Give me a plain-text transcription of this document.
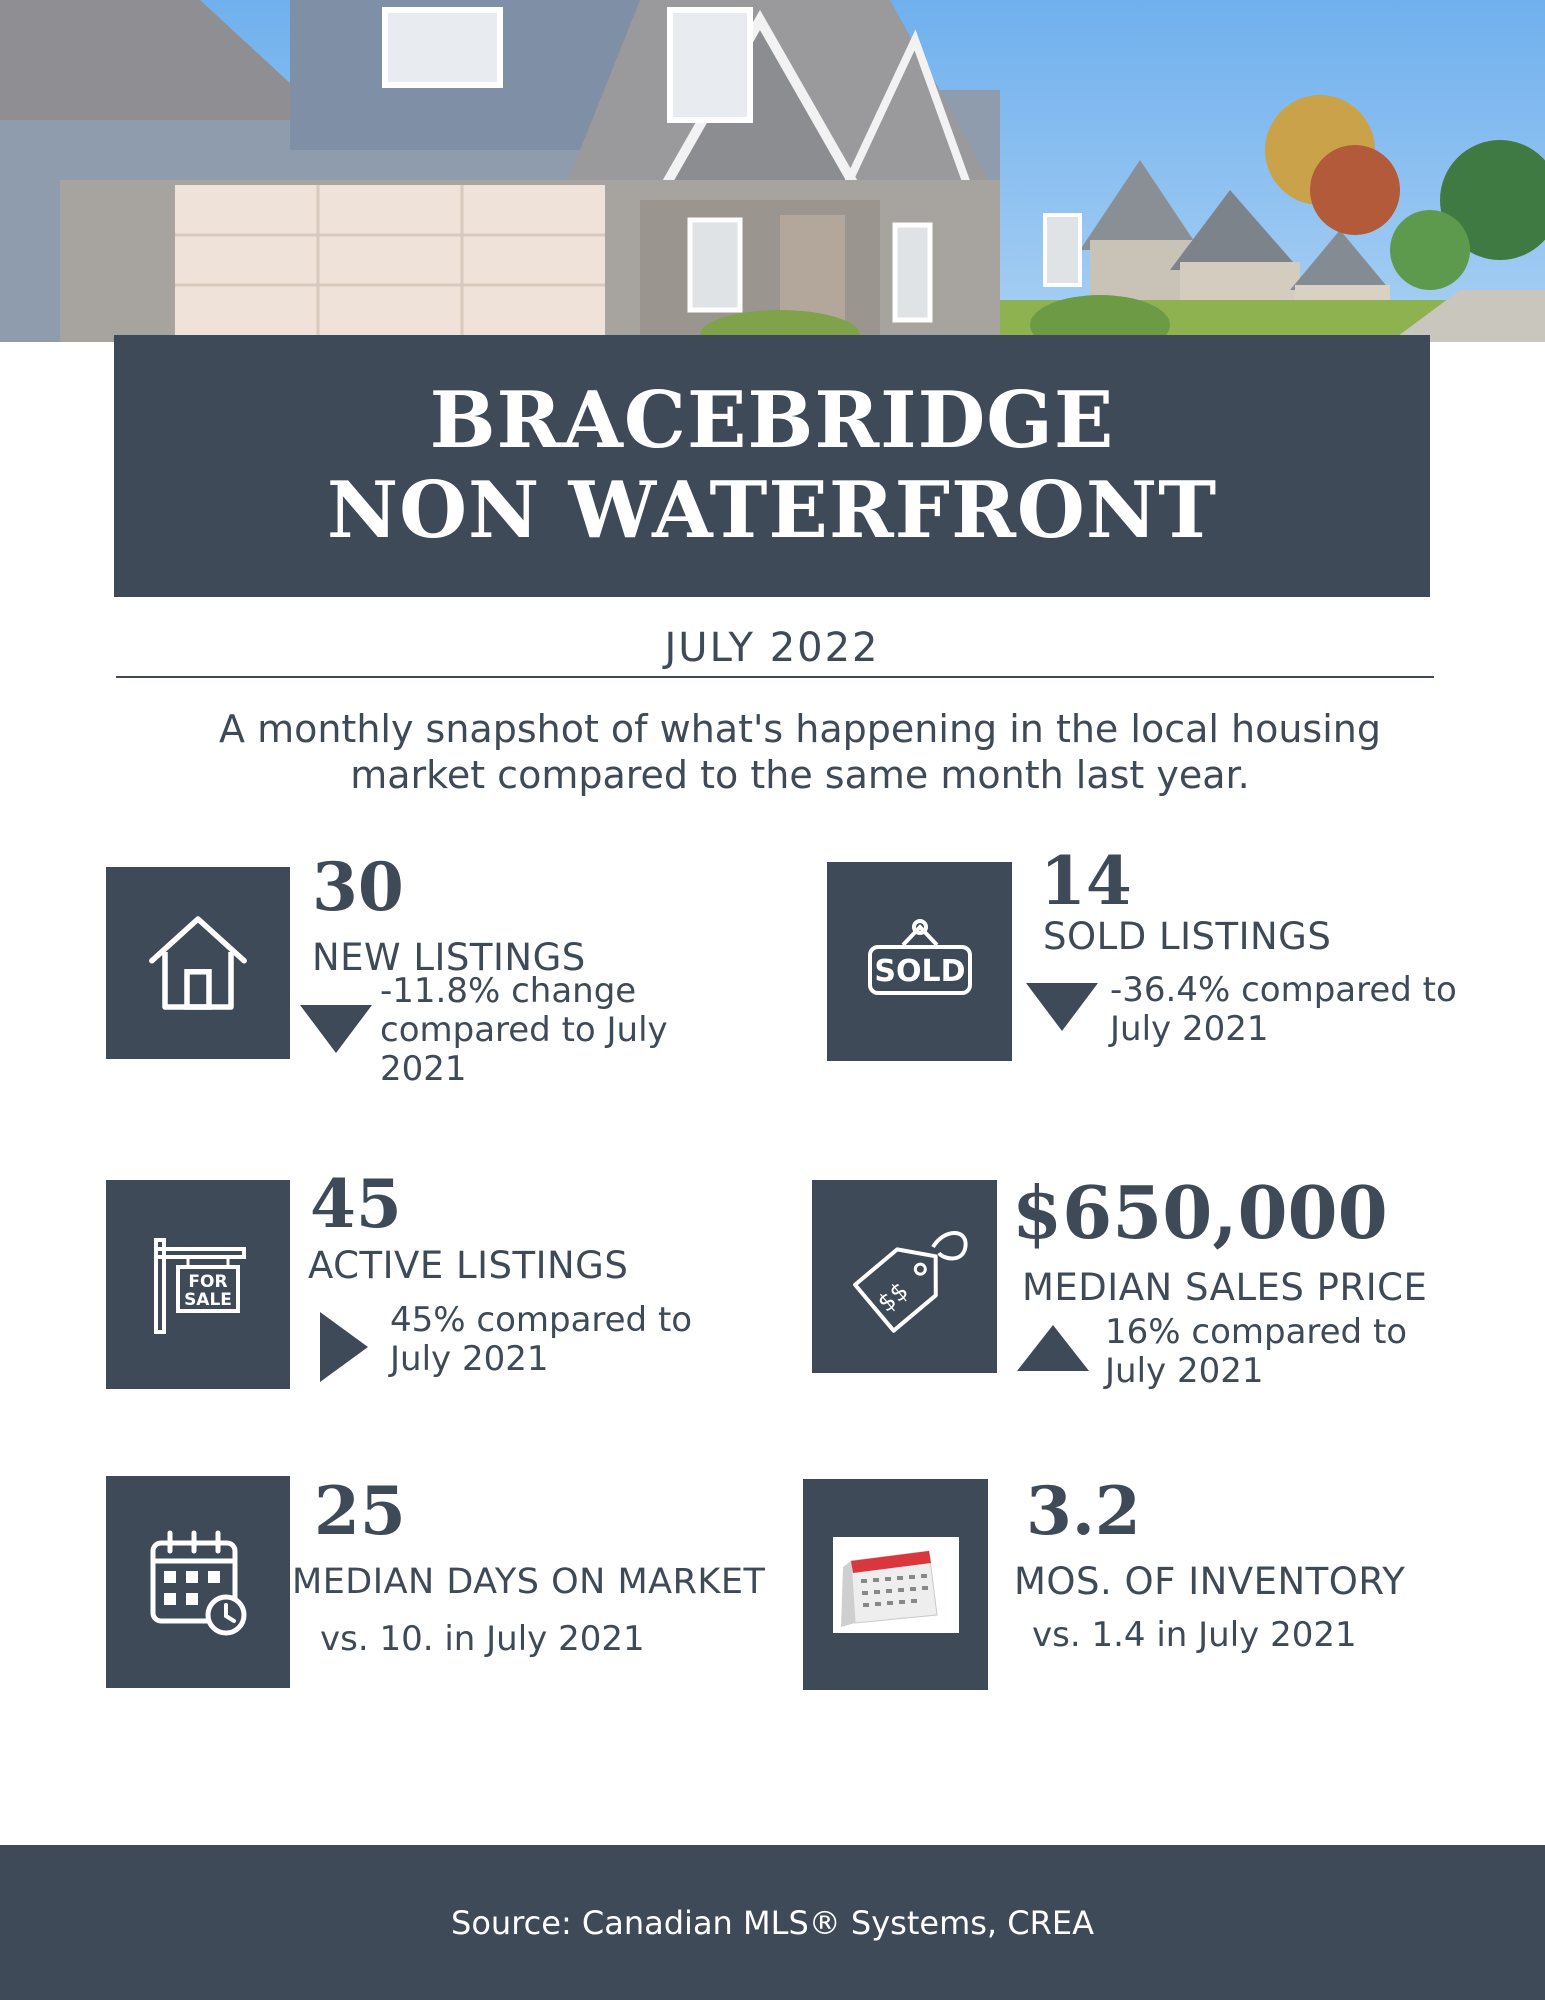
BRACEBRIDGE
NON WATERFRONT
JULY 2022
A monthly snapshot of what's happening in the local housing
market compared to the same month last year.
30
NEW LISTINGS
-11.8% change
compared to July
2021
SOLD
14
SOLD LISTINGS
-36.4% compared to
July 2021
FOR
SALE
45
ACTIVE LISTINGS
45% compared to
July 2021
$$
$650,000
MEDIAN SALES PRICE
16% compared to
July 2021
25
MEDIAN DAYS ON MARKET
vs. 10. in July 2021
3.2
MOS. OF INVENTORY
vs. 1.4 in July 2021
Source: Canadian MLS® Systems, CREA
